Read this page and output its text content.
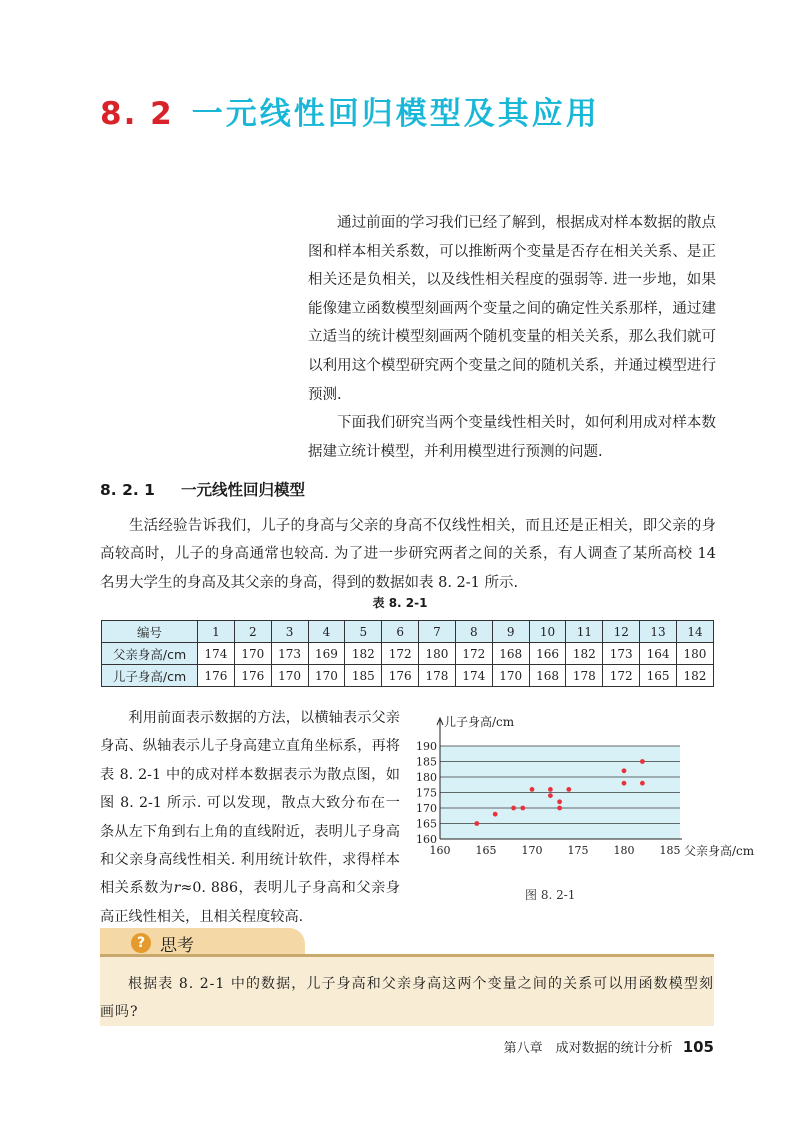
8. 2 一元线性回归模型及其应用

通过前面的学习我们已经了解到，根据成对样本数据的散点图和样本相关系数，可以推断两个变量是否存在相关关系、是正相关还是负相关，以及线性相关程度的强弱等. 进一步地，如果能像建立函数模型刻画两个变量之间的确定性关系那样，通过建立适当的统计模型刻画两个随机变量的相关关系，那么我们就可以利用这个模型研究两个变量之间的随机关系，并通过模型进行预测.

下面我们研究当两个变量线性相关时，如何利用成对样本数据建立统计模型，并利用模型进行预测的问题.

8. 2. 1 一元线性回归模型

生活经验告诉我们，儿子的身高与父亲的身高不仅线性相关，而且还是正相关，即父亲的身高较高时，儿子的身高通常也较高. 为了进一步研究两者之间的关系，有人调查了某所高校 14 名男大学生的身高及其父亲的身高，得到的数据如表 8. 2-1 所示.

表 8. 2-1
编号	1	2	3	4	5	6	7	8	9	10	11	12	13	14
父亲身高/cm	174	170	173	169	182	172	180	172	168	166	182	173	164	180
儿子身高/cm	176	176	170	170	185	176	178	174	170	168	178	172	165	182

利用前面表示数据的方法，以横轴表示父亲身高、纵轴表示儿子身高建立直角坐标系，再将表 8. 2-1 中的成对样本数据表示为散点图，如图 8. 2-1 所示. 可以发现，散点大致分布在一条从左下角到右上角的直线附近，表明儿子身高和父亲身高线性相关. 利用统计软件，求得样本相关系数为r≈0. 886，表明儿子身高和父亲身高正线性相关，且相关程度较高.

160
165
170
175
180
185
190
160 165 170 175 180 185
儿子身高/cm
父亲身高/cm
图 8. 2-1
? 思考

根据表 8. 2-1 中的数据，儿子身高和父亲身高这两个变量之间的关系可以用函数模型刻画吗?

第八章　成对数据的统计分析 105
